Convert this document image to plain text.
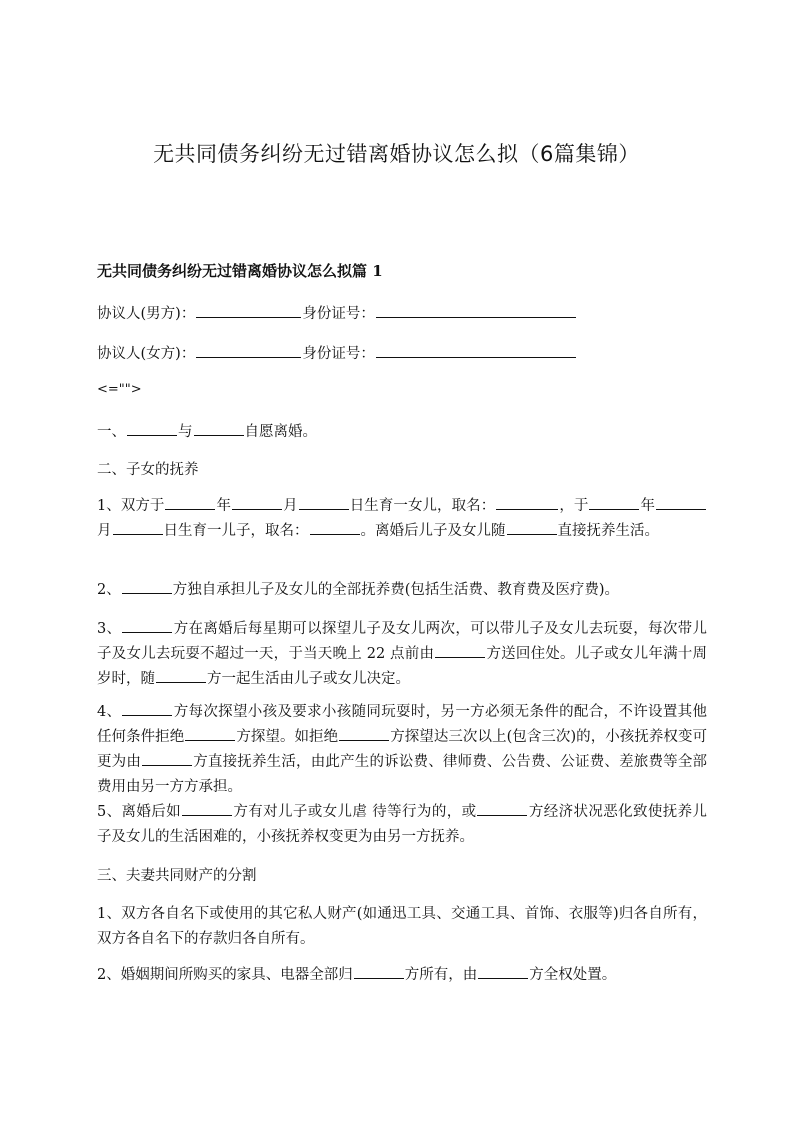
无共同债务纠纷无过错离婚协议怎么拟（6篇集锦）
无共同债务纠纷无过错离婚协议怎么拟篇 1
协议人(男方)：	身份证号：
协议人(女方)：	身份证号：
<="">
一、	与	自愿离婚。
二、子女的抚养
1、双方于	年	月	日生育一女儿，取名：	，于	年月	日生育一儿子，取名：	。离婚后儿子及女儿随	直接抚养生活。
2、	方独自承担儿子及女儿的全部抚养费(包括生活费、教育费及医疗费)。
3、	方在离婚后每星期可以探望儿子及女儿两次，可以带儿子及女儿去玩耍，每次带儿子及女儿去玩耍不超过一天，于当天晚上 22 点前由	方送回住处。儿子或女儿年满十周岁时，随	方一起生活由儿子或女儿决定。
4、	方每次探望小孩及要求小孩随同玩耍时，另一方必须无条件的配合，不许设置其他任何条件拒绝	方探望。如拒绝	方探望达三次以上(包含三次)的，小孩抚养权变可更为由	方直接抚养生活，由此产生的诉讼费、律师费、公告费、公证费、差旅费等全部费用由另一方方承担。
5、离婚后如	方有对儿子或女儿虐 待等行为的，或	方经济状况恶化致使抚养儿子及女儿的生活困难的，小孩抚养权变更为由另一方抚养。
三、夫妻共同财产的分割
1、双方各自名下或使用的其它私人财产(如通迅工具、交通工具、首饰、衣服等)归各自所有，双方各自名下的存款归各自所有。
2、婚姻期间所购买的家具、电器全部归	方所有，由	方全权处置。
